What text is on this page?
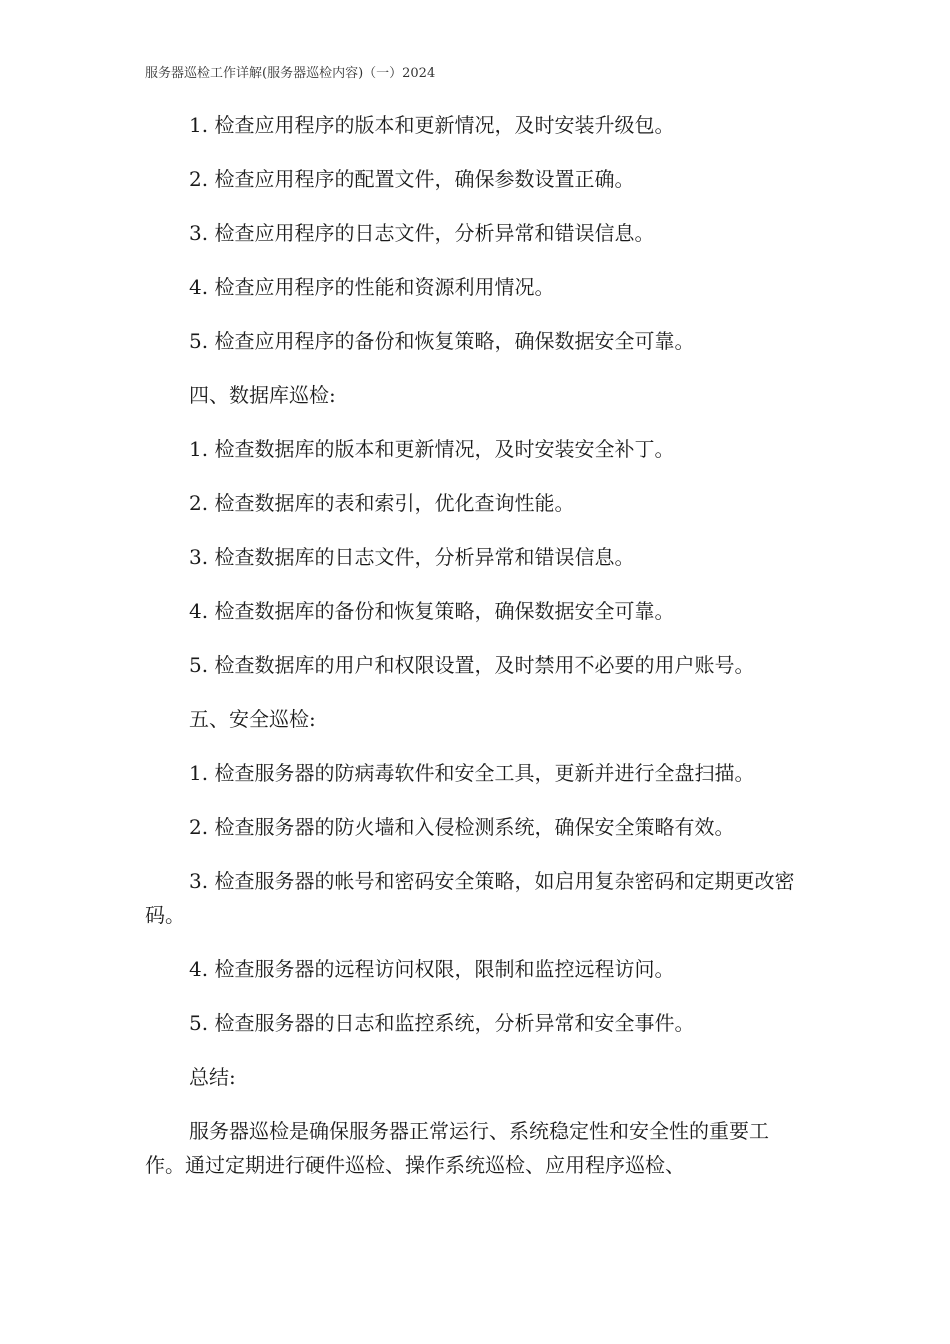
服务器巡检工作详解(服务器巡检内容)（一）2024

1. 检查应用程序的版本和更新情况，及时安装升级包。

2. 检查应用程序的配置文件，确保参数设置正确。

3. 检查应用程序的日志文件，分析异常和错误信息。

4. 检查应用程序的性能和资源利用情况。

5. 检查应用程序的备份和恢复策略，确保数据安全可靠。

四、数据库巡检:

1. 检查数据库的版本和更新情况，及时安装安全补丁。

2. 检查数据库的表和索引，优化查询性能。

3. 检查数据库的日志文件，分析异常和错误信息。

4. 检查数据库的备份和恢复策略，确保数据安全可靠。

5. 检查数据库的用户和权限设置，及时禁用不必要的用户账号。

五、安全巡检:

1. 检查服务器的防病毒软件和安全工具，更新并进行全盘扫描。

2. 检查服务器的防火墙和入侵检测系统，确保安全策略有效。

3. 检查服务器的帐号和密码安全策略，如启用复杂密码和定期更改密码。

4. 检查服务器的远程访问权限，限制和监控远程访问。

5. 检查服务器的日志和监控系统，分析异常和安全事件。

总结:

服务器巡检是确保服务器正常运行、系统稳定性和安全性的重要工作。通过定期进行硬件巡检、操作系统巡检、应用程序巡检、
